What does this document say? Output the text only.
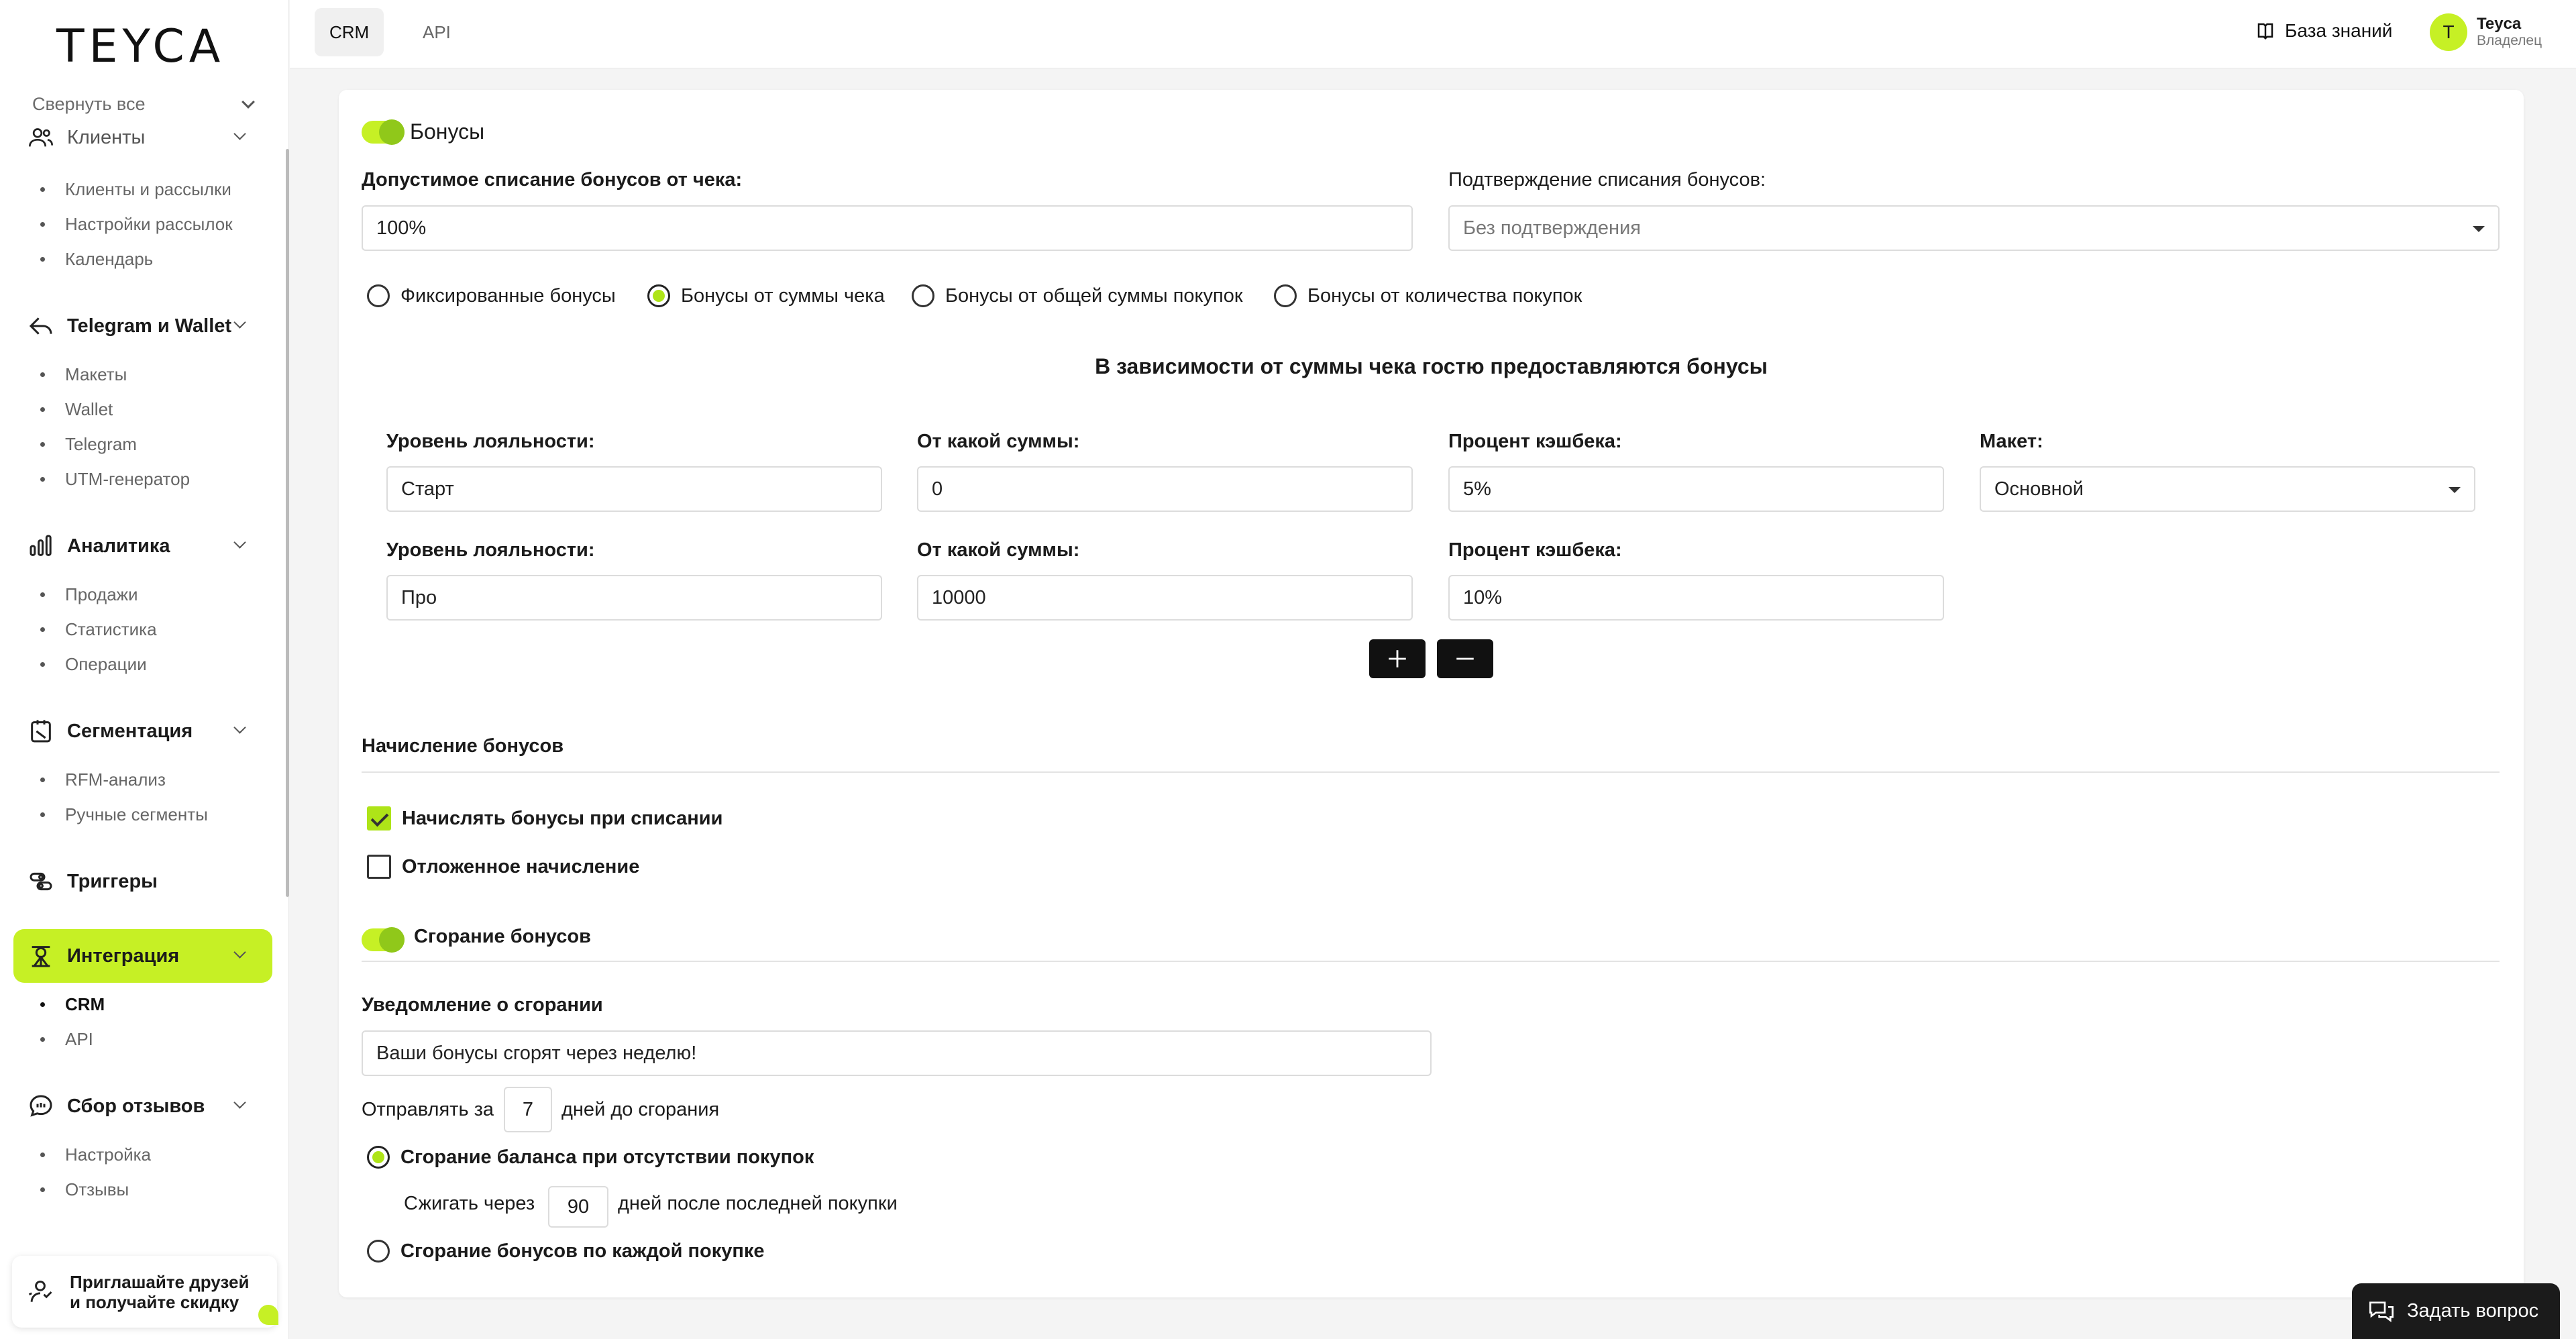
TEYCA
Свернуть все
Клиенты
Клиенты и рассылки
Настройки рассылок
Календарь
Telegram и Wallet
Макеты
Wallet
Telegram
UTM-генератор
Аналитика
Продажи
Статистика
Операции
Сегментация
RFM-анализ
Ручные сегменты
Триггеры
Интеграция
CRM
API
Сбор отзывов
Настройка
Отзывы
Приглашайте друзей
и получайте скидку
CRM	API	База знаний	T	Teyca
Владелец
Бонусы
Допустимое списание бонусов от чека:
100%
Подтверждение списания бонусов:
Без подтверждения
Фиксированные бонусы	Бонусы от суммы чека	Бонусы от общей суммы покупок	Бонусы от количества покупок
В зависимости от суммы чека гостю предоставляются бонусы
Уровень лояльности:	От какой суммы:	Процент кэшбека:	Макет:
Старт	0	5%	Основной
Уровень лояльности:	От какой суммы:	Процент кэшбека:
Про	10000	10%
Начисление бонусов
Начислять бонусы при списании
Отложенное начисление
Сгорание бонусов
Уведомление о сгорании
Ваши бонусы сгорят через неделю!
Отправлять за	7	дней до сгорания
Сгорание баланса при отсутствии покупок
Сжигать через	90	дней после последней покупки
Сгорание бонусов по каждой покупке
Задать вопрос
